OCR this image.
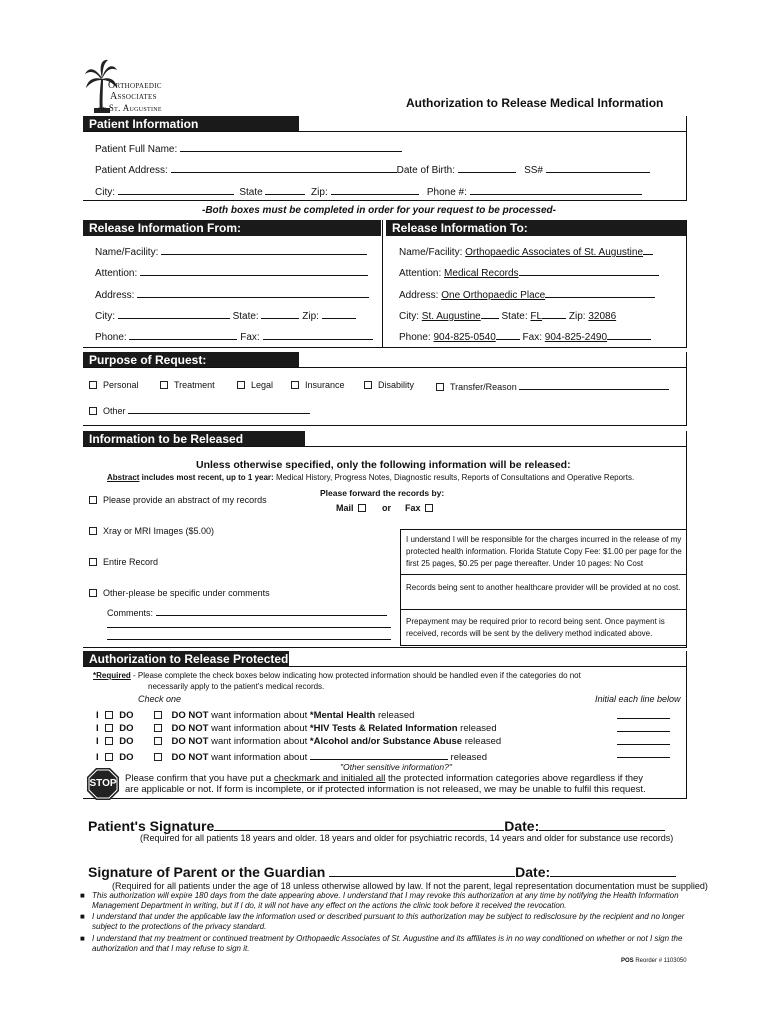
Orthopaedic
Associates
of St. Augustine	Authorization to Release Medical Information
Patient Information
Patient Full Name:
Patient Address:	Date of Birth:	SS#
City:	State	Zip:	Phone #:
-Both boxes must be completed in order for your request to be processed-
Release Information From:	Release Information To:
Name/Facility:
Attention:
Address:
City:	State:	Zip:
Phone:	Fax:
Name/Facility: Orthopaedic Associates of St. Augustine
Attention: Medical Records
Address: One Orthopaedic Place
City: St. Augustine State: FL	Zip: 32086
Phone: 904-825-0540	Fax: 904-825-2490
Purpose of Request:
Personal	Treatment	Legal	Insurance	Disability	Transfer/Reason
Other
Information to be Released
Unless otherwise specified, only the following information will be released:
Abstract includes most recent, up to 1 year: Medical History, Progress Notes, Diagnostic results, Reports of Consultations and Operative Reports.
Please provide an abstract of my records
Please forward the records by:
Mail	or Fax
Xray or MRI Images ($5.00)
Entire Record
Other-please be specific under comments
Comments:
I understand I will be responsible for the charges incurred in the release of my protected health information. Florida Statute Copy Fee: $1.00 per page for the first 25 pages, $0.25 per page thereafter. Under 10 pages: No Cost
Records being sent to another healthcare provider will be provided at no cost.
Prepayment may be required prior to record being sent. Once payment is received, records will be sent by the delivery method indicated above.
Authorization to Release Protected
*Required - Please complete the check boxes below indicating how protected information should be handled even if the categories do not
necessarily apply to the patient's medical records.
Check one	Initial each line below
I DO	DO NOT want information about *Mental Health released
I DO	DO NOT want information about *HIV Tests & Related Information released
I DO	DO NOT want information about *Alcohol and/or Substance Abuse released
I DO	DO NOT want information about	released
"Other sensitive information?"
STOP Please confirm that you have put a checkmark and initialed all the protected information categories above regardless if they
are applicable or not. If form is incomplete, or if protected information is not released, we may be unable to fulfil this request.
Patient's Signature	Date:
(Required for all patients 18 years and older. 18 years and older for psychiatric records, 14 years and older for substance use records)
Signature of Parent or the Guardian	Date:
(Required for all patients under the age of 18 unless otherwise allowed by law. If not the parent, legal representation documentation must be supplied)
■ This authorization will expire 180 days from the date appearing above. I understand that I may revoke this authorization at any time by notifying the Health Information Management Department in writing, but if I do, it will not have any effect on the actions the clinic took before it received the revocation.
■ I understand that under the applicable law the information used or described pursuant to this authorization may be subject to redisclosure by the recipient and no longer subject to the protections of the privacy standard.
■ I understand that my treatment or continued treatment by Orthopaedic Associates of St. Augustine and its affiliates is in no way conditioned on whether or not I sign the authorization and that I may refuse to sign it.
POS Reorder # 1103050
